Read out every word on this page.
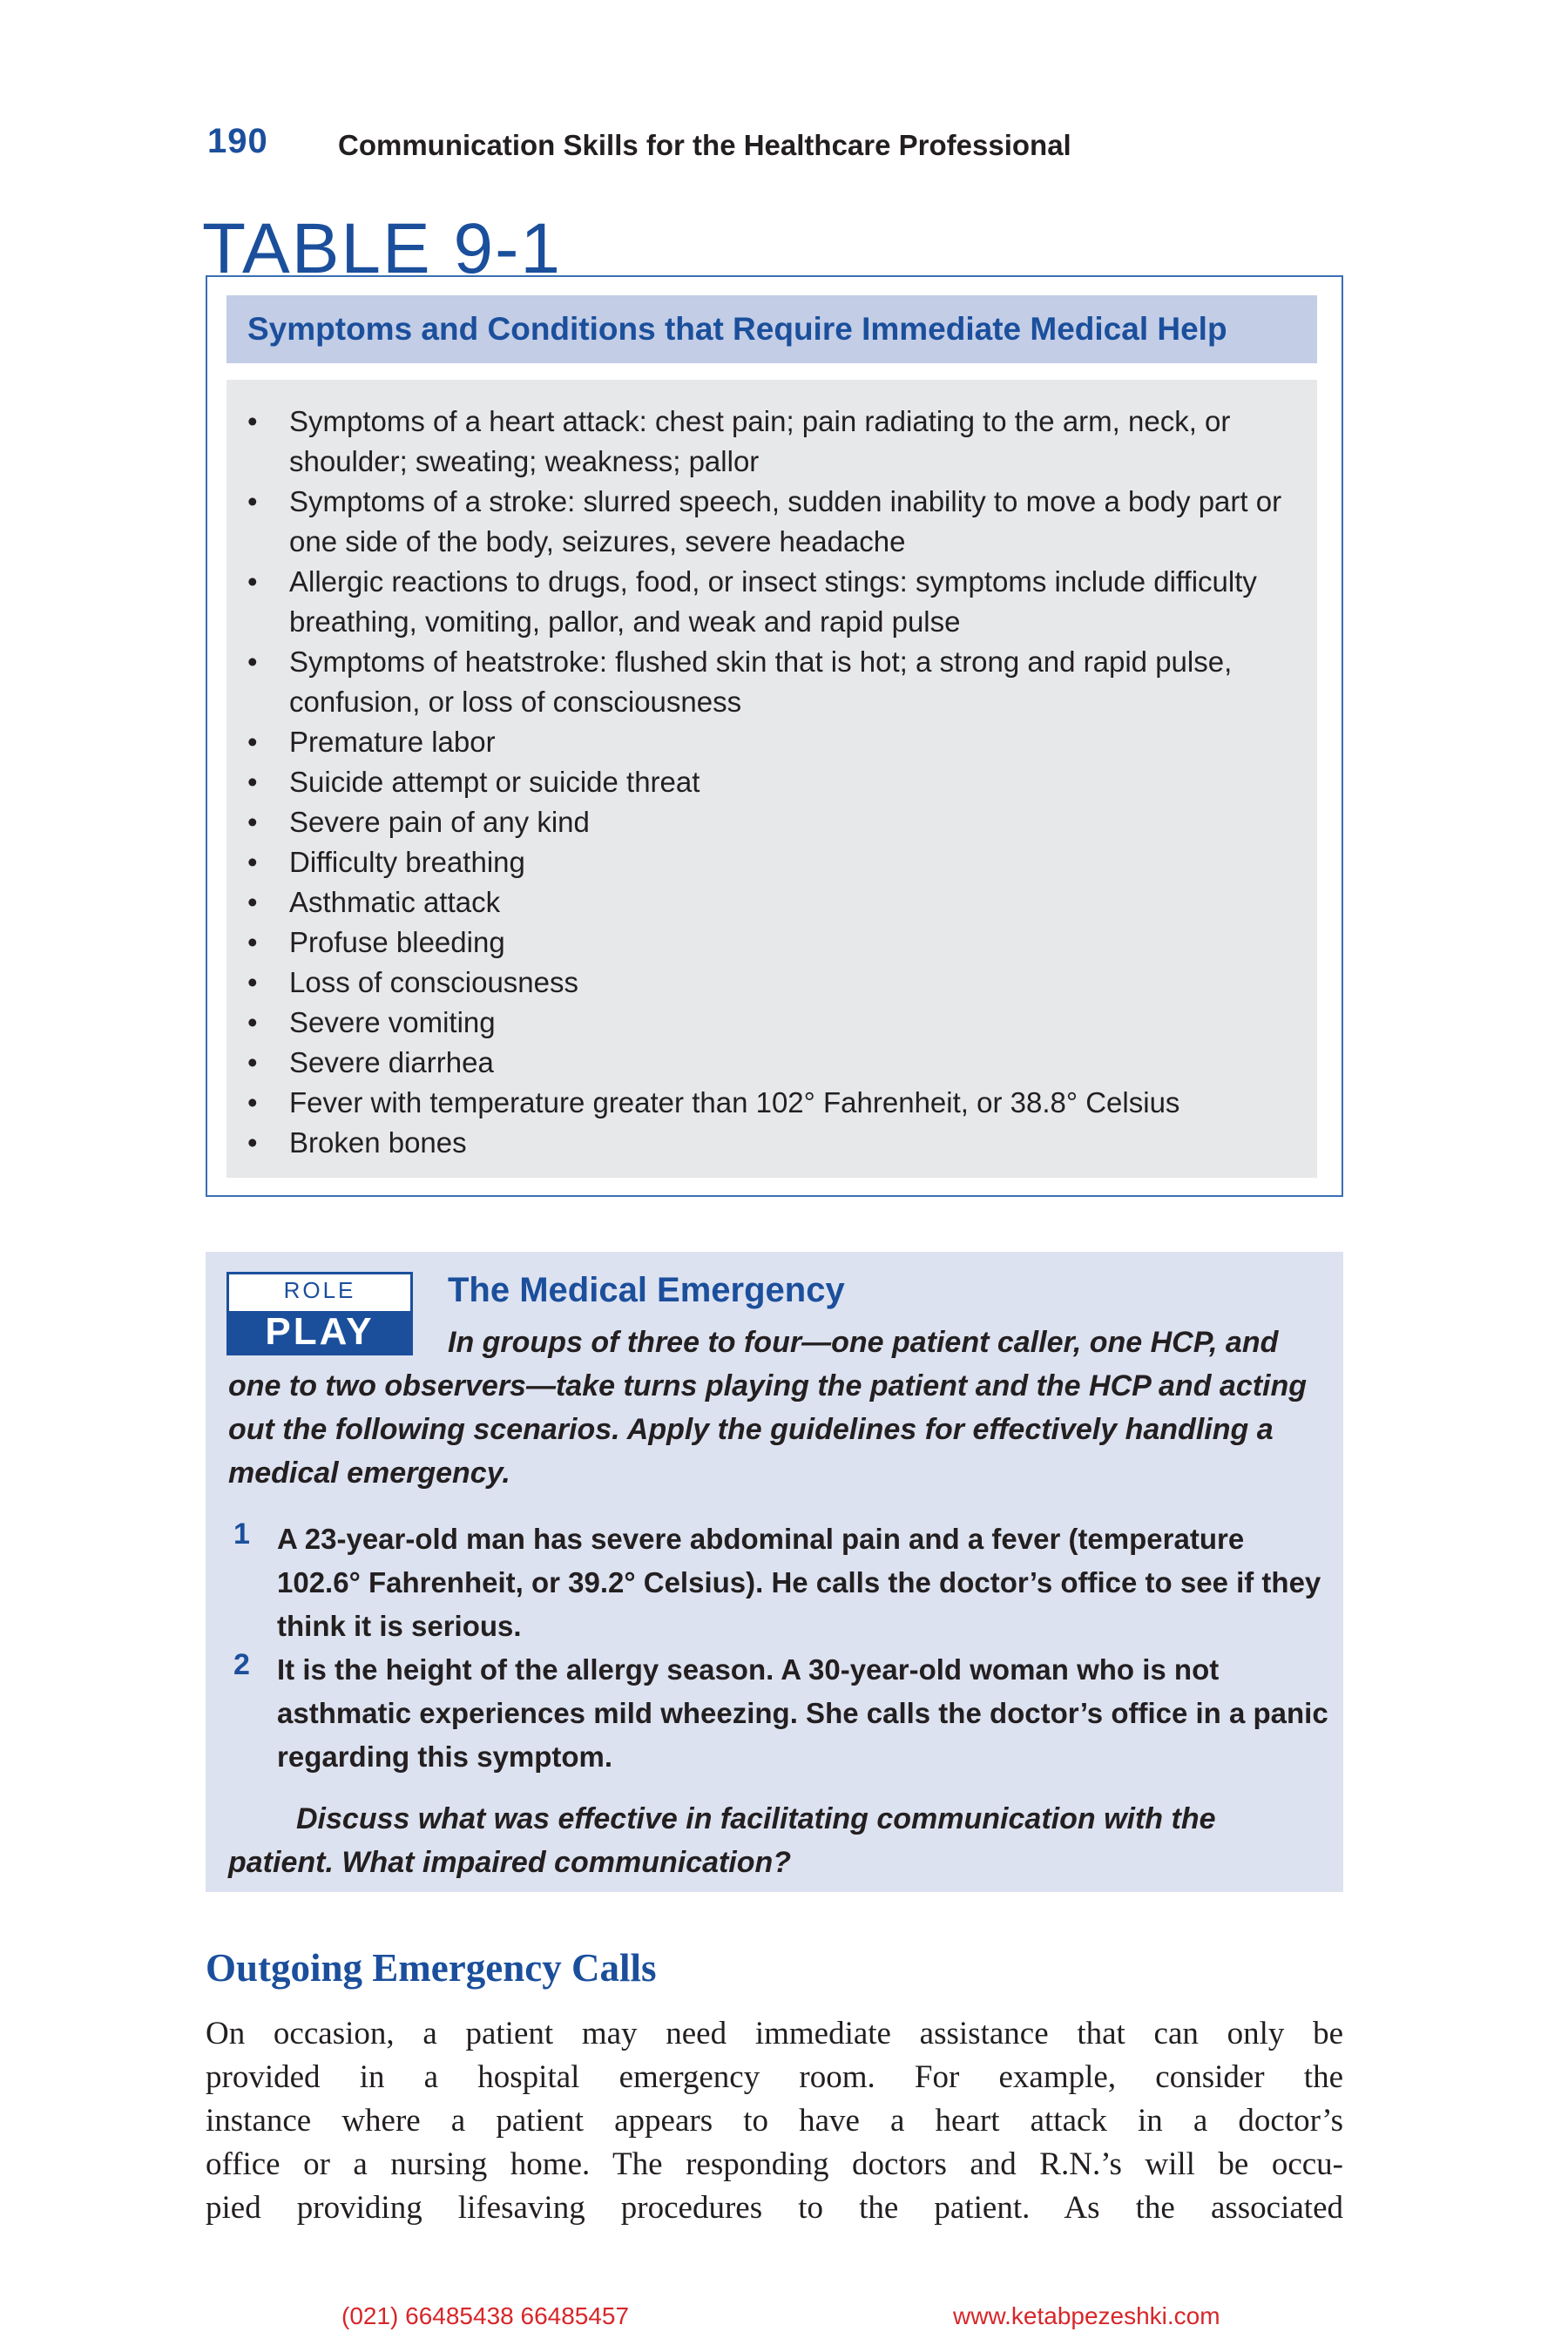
190 Communication Skills for the Healthcare Professional
TABLE 9-1
Symptoms and Conditions that Require Immediate Medical Help
• Symptoms of a heart attack: chest pain; pain radiating to the arm, neck, or shoulder; sweating; weakness; pallor
• Symptoms of a stroke: slurred speech, sudden inability to move a body part or one side of the body, seizures, severe headache
• Allergic reactions to drugs, food, or insect stings: symptoms include difficulty breathing, vomiting, pallor, and weak and rapid pulse
• Symptoms of heatstroke: flushed skin that is hot; a strong and rapid pulse, confusion, or loss of consciousness
• Premature labor
• Suicide attempt or suicide threat
• Severe pain of any kind
• Difficulty breathing
• Asthmatic attack
• Profuse bleeding
• Loss of consciousness
• Severe vomiting
• Severe diarrhea
• Fever with temperature greater than 102° Fahrenheit, or 38.8° Celsius
• Broken bones
ROLE
PLAY
The Medical Emergency
In groups of three to four—one patient caller, one HCP, and
one to two observers—take turns playing the patient and the HCP and acting out the following scenarios. Apply the guidelines for effectively handling a medical emergency.
1 A 23-year-old man has severe abdominal pain and a fever (temperature 102.6° Fahrenheit, or 39.2° Celsius). He calls the doctor’s office to see if they think it is serious.
2 It is the height of the allergy season. A 30-year-old woman who is not asthmatic experiences mild wheezing. She calls the doctor’s office in a panic regarding this symptom.
Discuss what was effective in facilitating communication with the
patient. What impaired communication?
Outgoing Emergency Calls
On occasion, a patient may need immediate assistance that can only be
provided in a hospital emergency room. For example, consider the
instance where a patient appears to have a heart attack in a doctor’s
office or a nursing home. The responding doctors and R.N.’s will be occu-
pied providing lifesaving procedures to the patient. As the associated
(021) 66485438 66485457	www.ketabpezeshki.com
